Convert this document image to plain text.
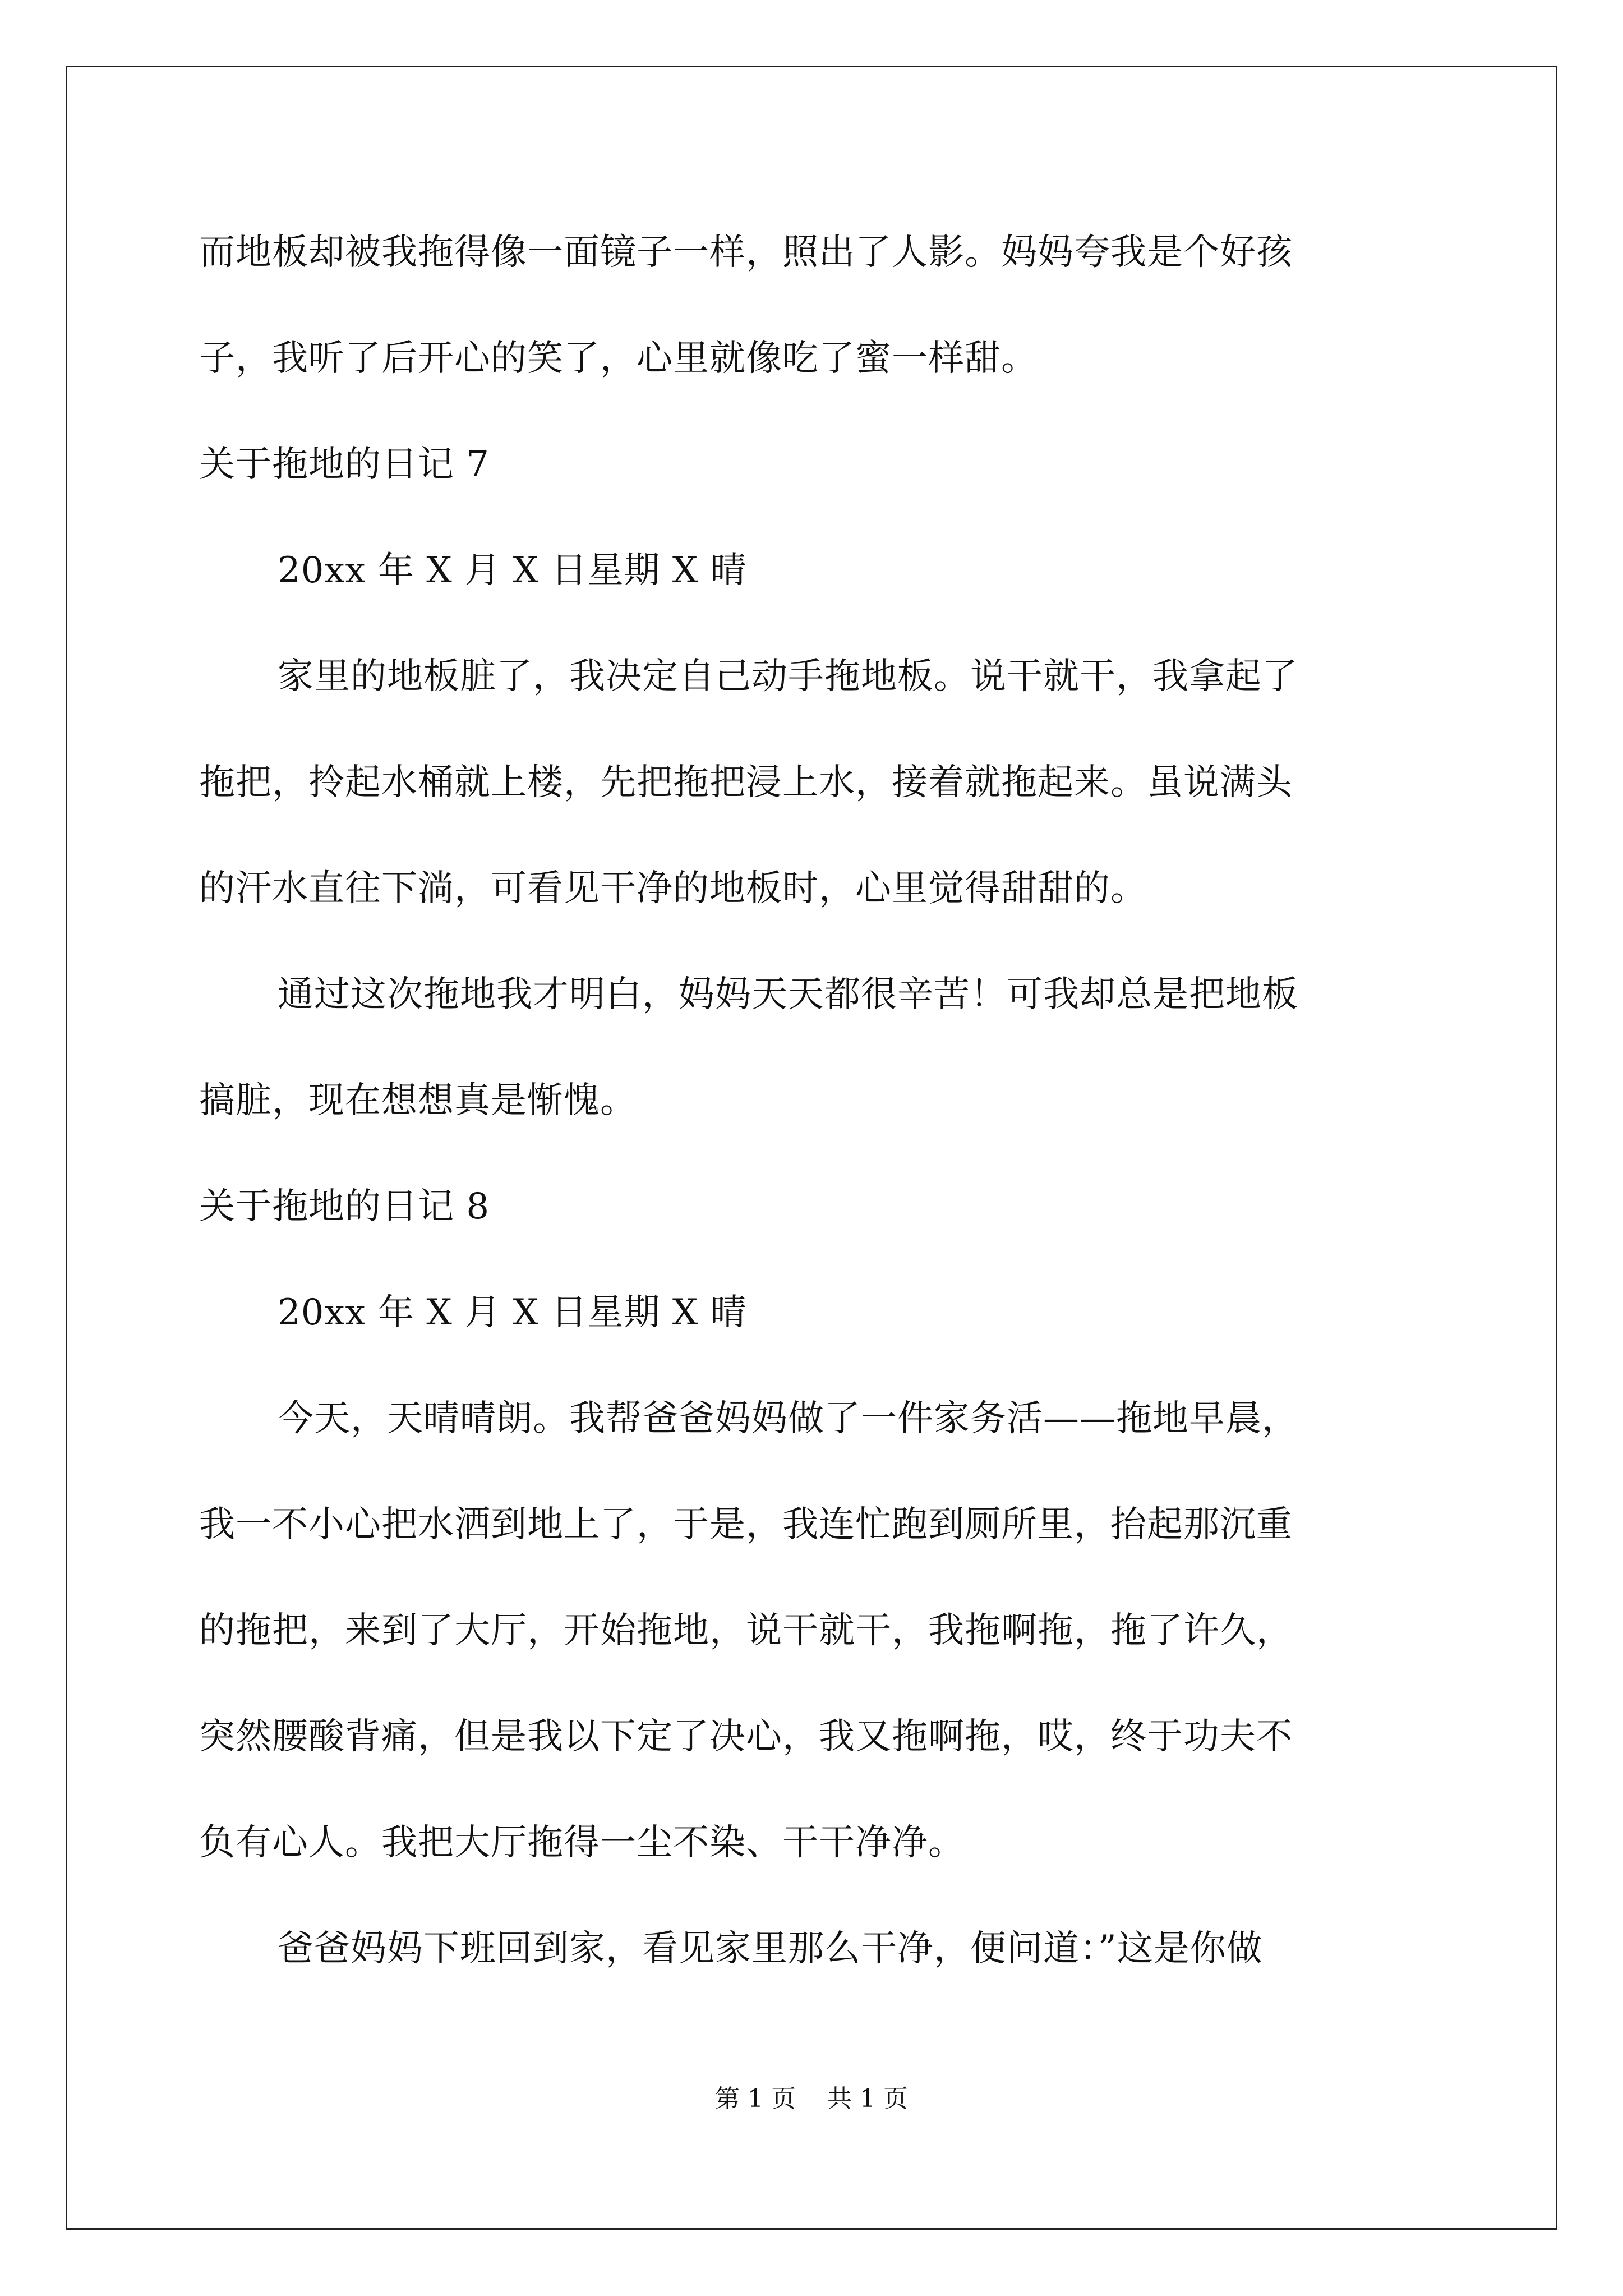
而地板却被我拖得像一面镜子一样，照出了人影。妈妈夸我是个好孩
子，我听了后开心的笑了，心里就像吃了蜜一样甜。
关于拖地的日记 7
20xx 年 X 月 X 日星期 X 晴
家里的地板脏了，我决定自己动手拖地板。说干就干，我拿起了
拖把，拎起水桶就上楼，先把拖把浸上水，接着就拖起来。虽说满头
的汗水直往下淌，可看见干净的地板时，心里觉得甜甜的。
通过这次拖地我才明白，妈妈天天都很辛苦！可我却总是把地板
搞脏，现在想想真是惭愧。
关于拖地的日记 8
20xx 年 X 月 X 日星期 X 晴
今天，天晴晴朗。我帮爸爸妈妈做了一件家务活——拖地早晨，
我一不小心把水洒到地上了，于是，我连忙跑到厕所里，抬起那沉重
的拖把，来到了大厅，开始拖地，说干就干，我拖啊拖，拖了许久，
突然腰酸背痛，但是我以下定了决心，我又拖啊拖，哎，终于功夫不
负有心人。我把大厅拖得一尘不染、干干净净。
爸爸妈妈下班回到家，看见家里那么干净，便问道：”这是你做
第 1 页    共 1 页
